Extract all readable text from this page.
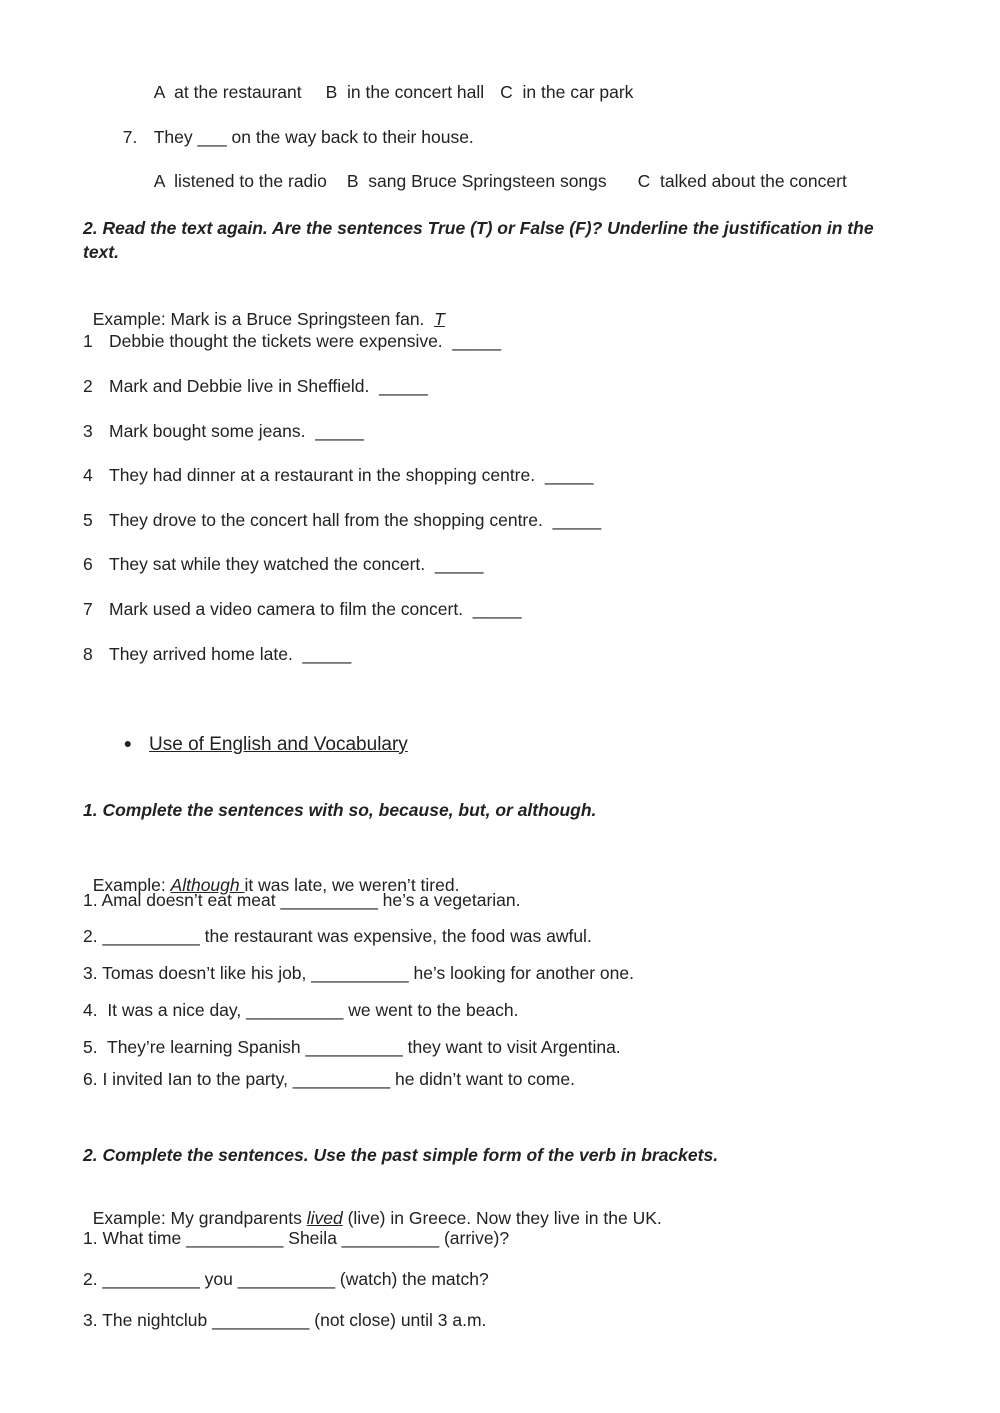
A  at the restaurant B  in the concert hall C  in the car park

7. They ___ on the way back to their house.

A  listened to the radio B  sang Bruce Springsteen songs C  talked about the concert

2. Read the text again. Are the sentences True (T) or False (F)? Underline the justification in the
text.

Example: Mark is a Bruce Springsteen fan.  T

1 Debbie thought the tickets were expensive.  _____
2 Mark and Debbie live in Sheffield.  _____
3 Mark bought some jeans.  _____
4 They had dinner at a restaurant in the shopping centre.  _____
5 They drove to the concert hall from the shopping centre.  _____
6 They sat while they watched the concert.  _____
7 Mark used a video camera to film the concert.  _____
8 They arrived home late.  _____

● Use of English and Vocabulary

1. Complete the sentences with so, because, but, or although.

Example: Although it was late, we weren’t tired.

1. Amal doesn’t eat meat __________ he’s a vegetarian.
2. __________ the restaurant was expensive, the food was awful.
3. Tomas doesn’t like his job, __________ he’s looking for another one.
4.  It was a nice day, __________ we went to the beach.
5.  They’re learning Spanish __________ they want to visit Argentina.
6. I invited Ian to the party, __________ he didn’t want to come.
2. Complete the sentences. Use the past simple form of the verb in brackets.

Example: My grandparents lived (live) in Greece. Now they live in the UK.

1. What time __________ Sheila __________ (arrive)?
2. __________ you __________ (watch) the match?
3. The nightclub __________ (not close) until 3 a.m.
